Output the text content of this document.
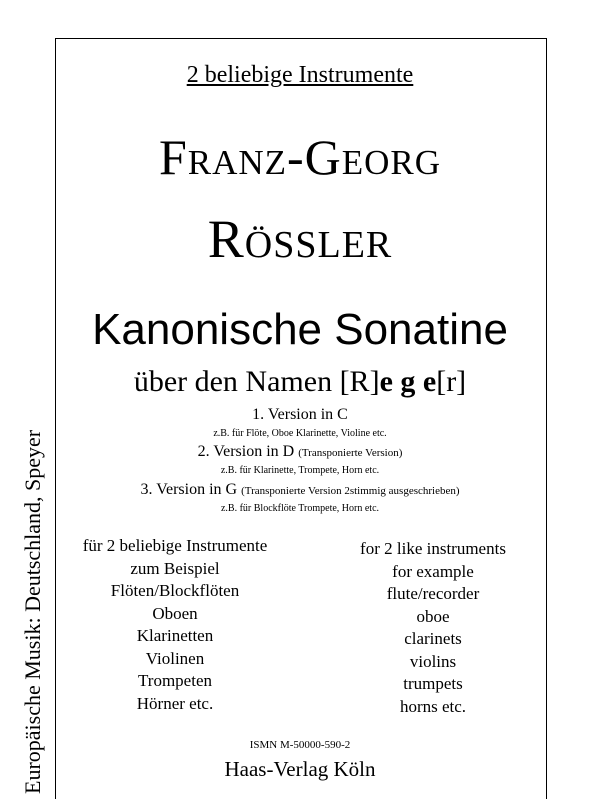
2 beliebige Instrumente
Franz-Georg
Rössler
Kanonische Sonatine
über den Namen [R]e g e[r]
1. Version in C
z.B. für Flöte, Oboe Klarinette, Violine etc.
2. Version in D (Transponierte Version)
z.B. für Klarinette, Trompete, Horn etc.
3. Version in G (Transponierte Version 2stimmig ausgeschrieben)
z.B. für Blockflöte Trompete, Horn etc.
für 2 beliebige Instrumente
zum Beispiel
Flöten/Blockflöten
Oboen
Klarinetten
Violinen
Trompeten
Hörner etc.
for 2 like instruments
for example
flute/recorder
oboe
clarinets
violins
trumpets
horns etc.
ISMN M-50000-590-2
Haas-Verlag Köln
Europäische Musik: Deutschland, Speyer
